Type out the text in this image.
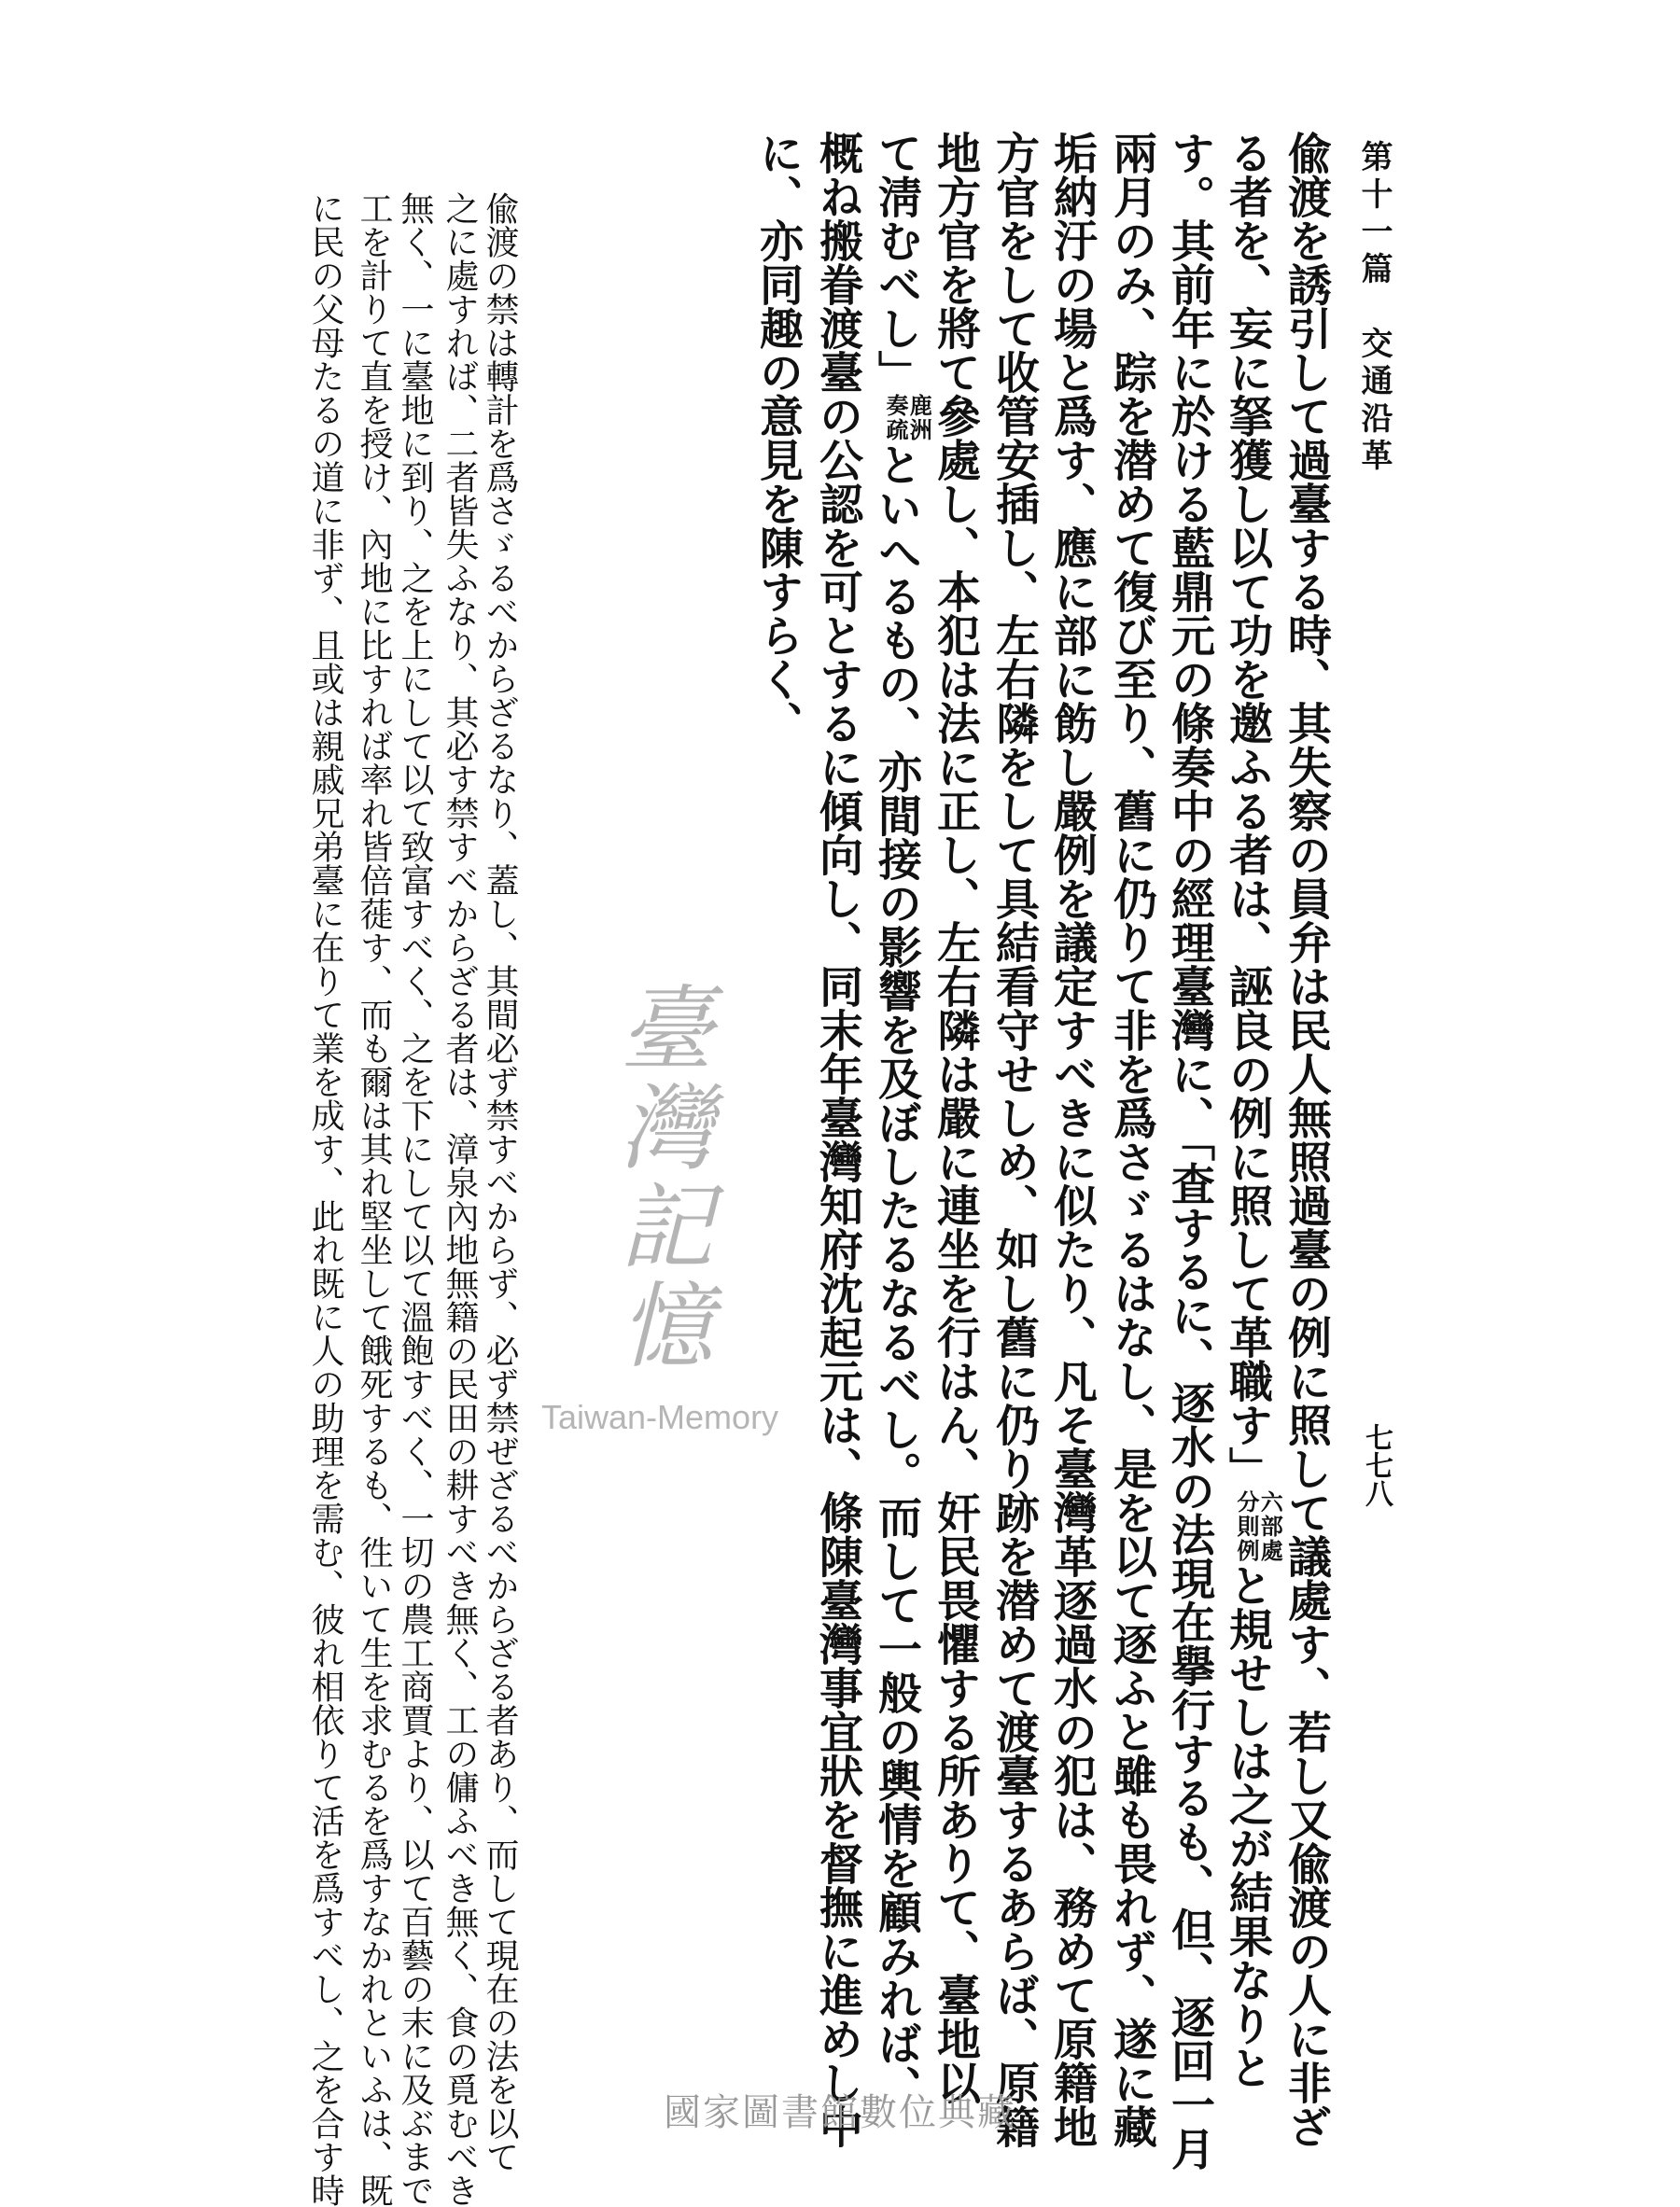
第十一篇交通沿革
七七八
偸渡を誘引して過臺する時、其失察の員弁は民人無照過臺の例に照して議處す、若し又偸渡の人に非ざ
る者を、妄に拏獲し以て功を邀ふる者は、誣良の例に照して革職す」
六部處
分則例
と規せしは之が結果なりと
す。其前年に於ける藍鼎元の條奏中の經理臺灣に、「査するに、逐水の法現在擧行するも、但、逐回一月
兩月のみ、踪を潜めて復び至り、舊に仍りて非を爲さゞるはなし、是を以て逐ふと雖も畏れず、遂に藏
垢納汙の場と爲す、應に部に飭し嚴例を議定すべきに似たり、凡そ臺灣革逐過水の犯は、務めて原籍地
方官をして收管安插し、左右隣をして具結看守せしめ、如し舊に仍り跡を潜めて渡臺するあらば、原籍
地方官を將て參處し、本犯は法に正し、左右隣は嚴に連坐を行はん、奸民畏懼する所ありて、臺地以
て淸むべし」
鹿洲
奏疏
といへるもの、亦間接の影響を及ぼしたるなるべし。而して一般の輿情を顧みれば、
概ね搬眷渡臺の公認を可とするに傾向し、同末年臺灣知府沈起元は、條陳臺灣事宜狀を督撫に進めし中
に、亦同趣の意見を陳すらく、
偸渡の禁は轉計を爲さゞるべからざるなり、蓋し、其間必ず禁すべからず、必ず禁ぜざるべからざる者あり、而して現在の法を以て
之に處すれば、二者皆失ふなり、其必す禁すべからざる者は、漳泉內地無籍の民田の耕すべき無く、工の傭ふべき無く、食の覓むべき
無く、一に臺地に到り、之を上にして以て致富すべく、之を下にして以て溫飽すべく、一切の農工商賈より、以て百藝の末に及ぶまで
工を計りて直を授け、內地に比すれば率れ皆倍蓰す、而も爾は其れ堅坐して餓死するも、徃いて生を求むるを爲すなかれといふは、既
に民の父母たるの道に非ず、且或は親戚兄弟臺に在りて業を成す、此れ既に人の助理を需む、彼れ相依りて活を爲すべし、之を合す時	臺灣記憶
Taiwan-Memory
國家圖書館數位典藏
